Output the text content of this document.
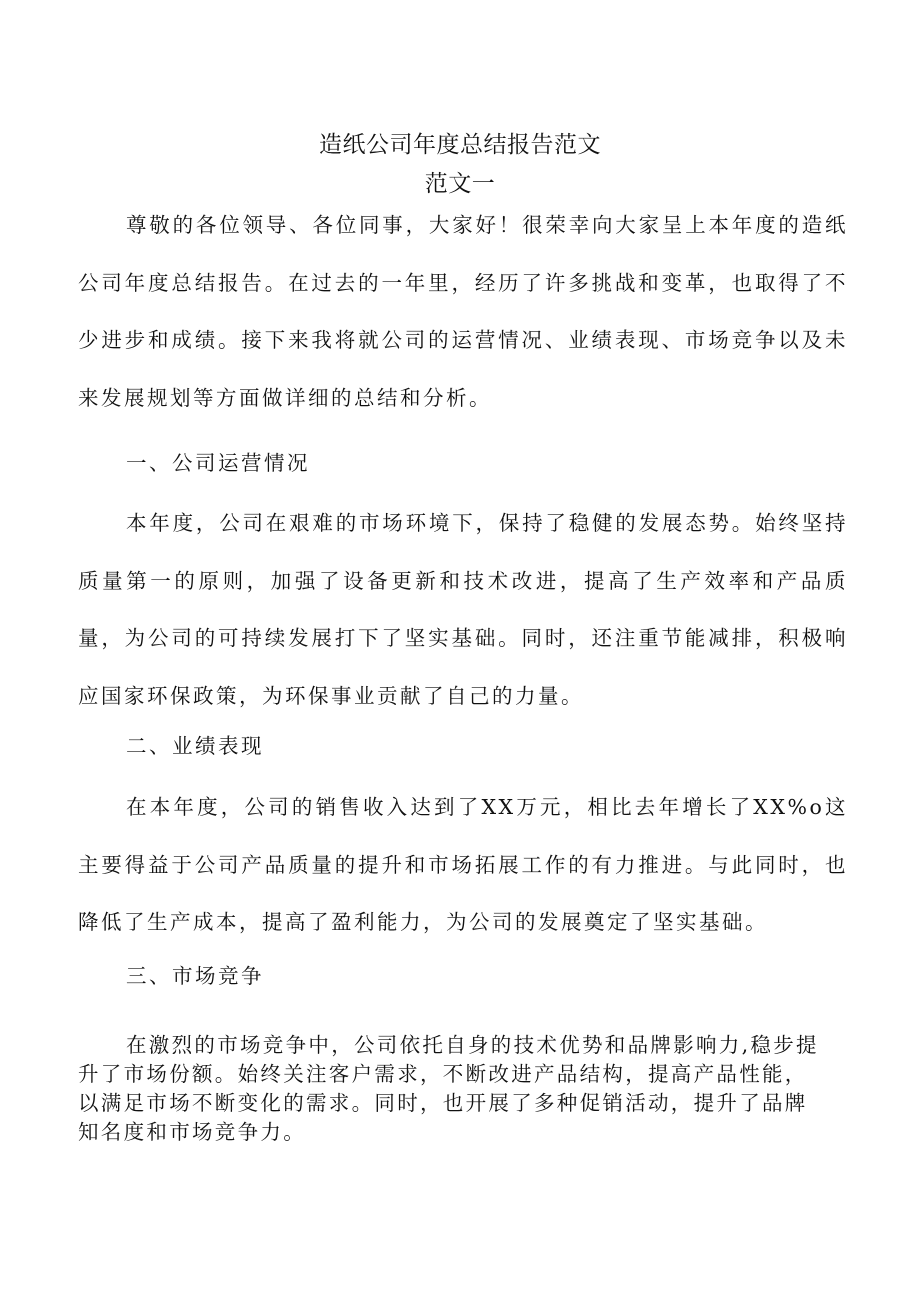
造纸公司年度总结报告范文
范文一

尊敬的各位领导、各位同事，大家好！很荣幸向大家呈上本年度的造纸公司年度总结报告。在过去的一年里，经历了许多挑战和变革，也取得了不少进步和成绩。接下来我将就公司的运营情况、业绩表现、市场竞争以及未来发展规划等方面做详细的总结和分析。

一、公司运营情况

本年度，公司在艰难的市场环境下，保持了稳健的发展态势。始终坚持质量第一的原则，加强了设备更新和技术改进，提高了生产效率和产品质量，为公司的可持续发展打下了坚实基础。同时，还注重节能减排，积极响应国家环保政策，为环保事业贡献了自己的力量。

二、业绩表现

在本年度，公司的销售收入达到了XX万元，相比去年增长了XX%o这主要得益于公司产品质量的提升和市场拓展工作的有力推进。与此同时，也降低了生产成本，提高了盈利能力，为公司的发展奠定了坚实基础。

三、市场竞争

在激烈的市场竞争中，公司依托自身的技术优势和品牌影响力,稳步提升了市场份额。始终关注客户需求，不断改进产品结构，提高产品性能，以满足市场不断变化的需求。同时，也开展了多种促销活动，提升了品牌知名度和市场竞争力。
